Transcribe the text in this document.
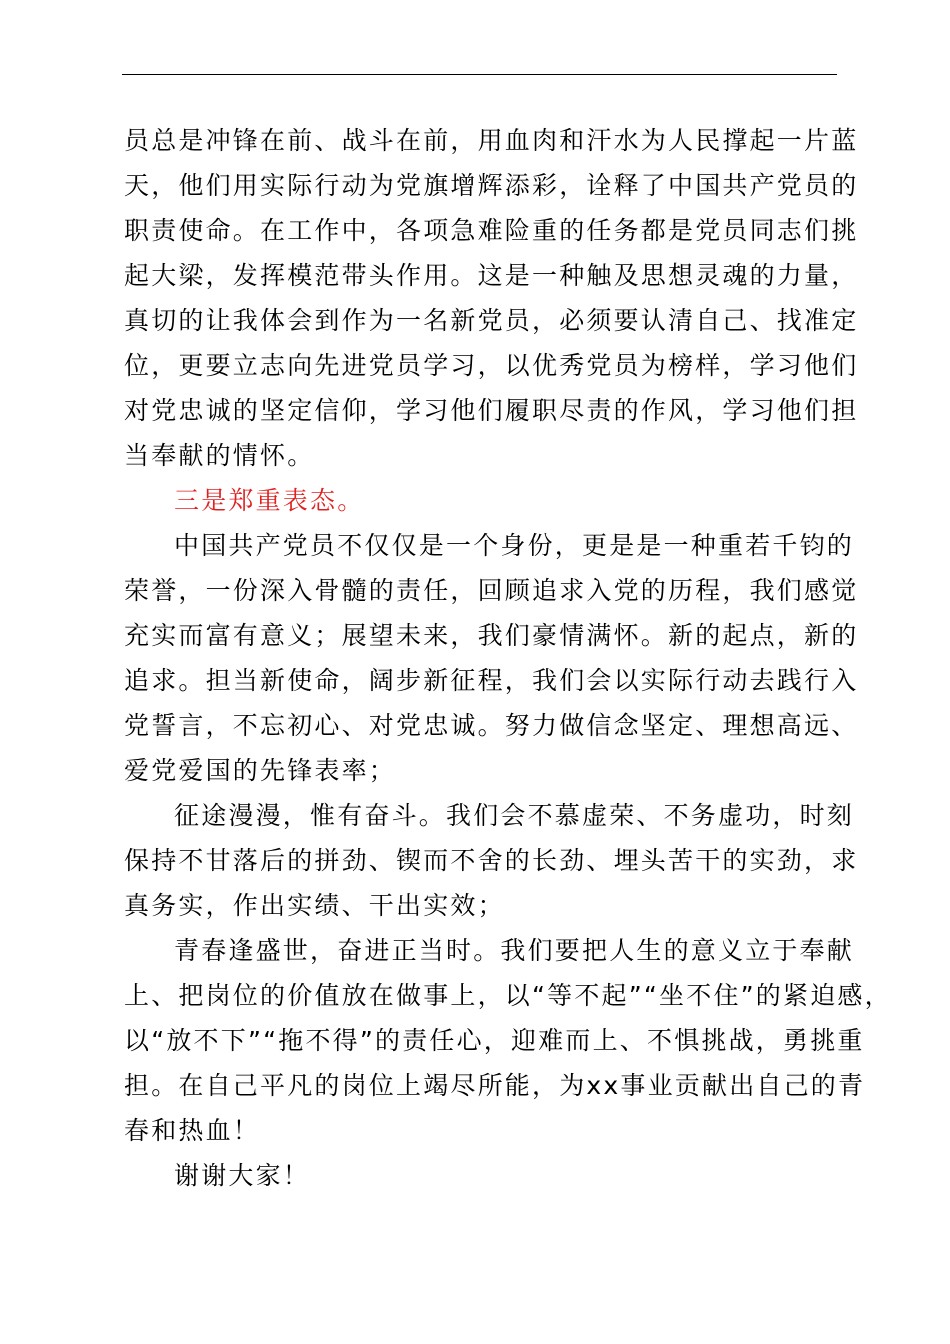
员总是冲锋在前、战斗在前，用血肉和汗水为人民撑起一片蓝
天，他们用实际行动为党旗增辉添彩，诠释了中国共产党员的
职责使命。在工作中，各项急难险重的任务都是党员同志们挑
起大梁，发挥模范带头作用。这是一种触及思想灵魂的力量，
真切的让我体会到作为一名新党员，必须要认清自己、找准定
位，更要立志向先进党员学习，以优秀党员为榜样，学习他们
对党忠诚的坚定信仰，学习他们履职尽责的作风，学习他们担
当奉献的情怀。
三是郑重表态。
中国共产党员不仅仅是一个身份，更是是一种重若千钧的
荣誉，一份深入骨髓的责任，回顾追求入党的历程，我们感觉
充实而富有意义；展望未来，我们豪情满怀。新的起点，新的
追求。担当新使命，阔步新征程，我们会以实际行动去践行入
党誓言，不忘初心、对党忠诚。努力做信念坚定、理想高远、
爱党爱国的先锋表率；
征途漫漫，惟有奋斗。我们会不慕虚荣、不务虚功，时刻
保持不甘落后的拼劲、锲而不舍的长劲、埋头苦干的实劲，求
真务实，作出实绩、干出实效；
青春逢盛世，奋进正当时。我们要把人生的意义立于奉献
上、把岗位的价值放在做事上，以“等不起”“坐不住”的紧迫感，
以“放不下”“拖不得”的责任心，迎难而上、不惧挑战，勇挑重
担。在自己平凡的岗位上竭尽所能，为xx事业贡献出自己的青
春和热血！
谢谢大家！
